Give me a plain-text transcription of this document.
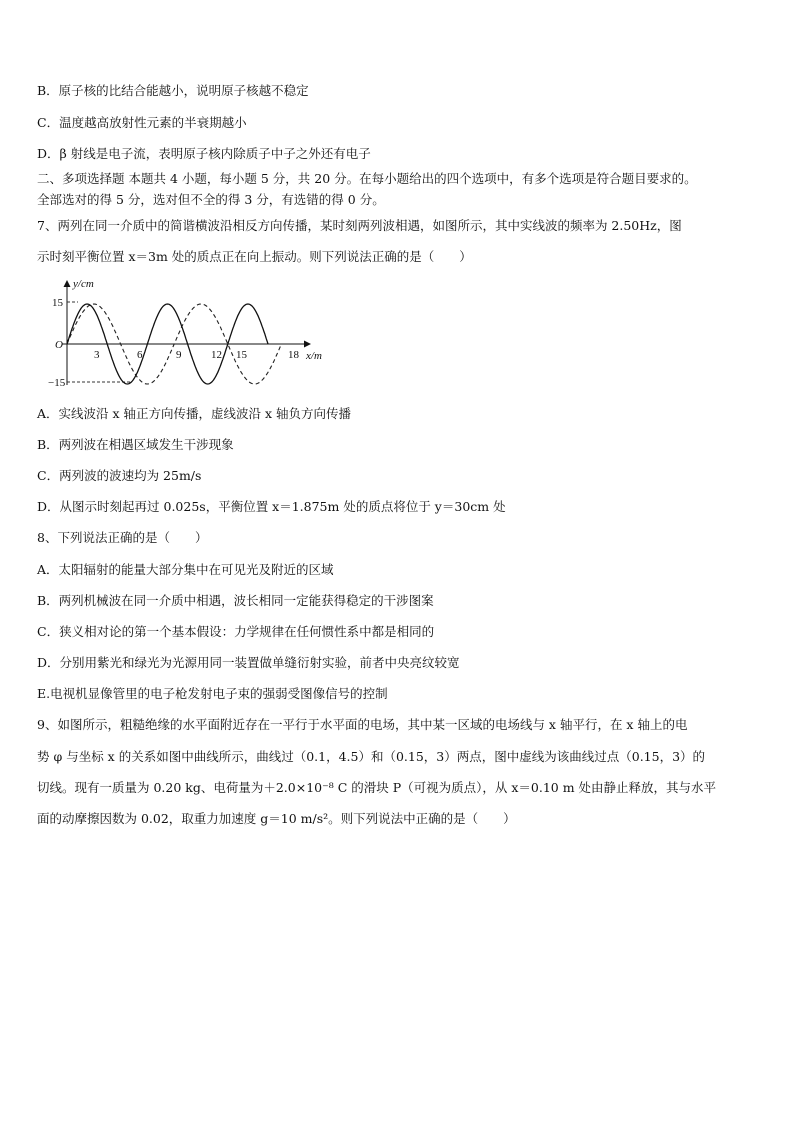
B．原子核的比结合能越小，说明原子核越不稳定
C．温度越高放射性元素的半衰期越小
D．β 射线是电子流，表明原子核内除质子中子之外还有电子
二、多项选择题 本题共 4 小题，每小题 5 分，共 20 分。在每小题给出的四个选项中，有多个选项是符合题目要求的。
全部选对的得 5 分，选对但不全的得 3 分，有选错的得 0 分。
7、两列在同一介质中的简谐横波沿相反方向传播，某时刻两列波相遇，如图所示，其中实线波的频率为 2.50Hz，图
示时刻平衡位置 x＝3m 处的质点正在向上振动。则下列说法正确的是（　　）
y/cm
15
−15
O
3	6	9	12 15	18 x/m
A．实线波沿 x 轴正方向传播，虚线波沿 x 轴负方向传播
B．两列波在相遇区域发生干涉现象
C．两列波的波速均为 25m/s
D．从图示时刻起再过 0.025s，平衡位置 x＝1.875m 处的质点将位于 y＝30cm 处
8、下列说法正确的是（　　）
A．太阳辐射的能量大部分集中在可见光及附近的区域
B．两列机械波在同一介质中相遇，波长相同一定能获得稳定的干涉图案
C．狭义相对论的第一个基本假设：力学规律在任何惯性系中都是相同的
D．分别用紫光和绿光为光源用同一装置做单缝衍射实验，前者中央亮纹较宽
E.电视机显像管里的电子枪发射电子束的强弱受图像信号的控制
9、如图所示，粗糙绝缘的水平面附近存在一平行于水平面的电场，其中某一区域的电场线与 x 轴平行，在 x 轴上的电
势 φ 与坐标 x 的关系如图中曲线所示，曲线过（0.1，4.5）和（0.15，3）两点，图中虚线为该曲线过点（0.15，3）的
切线。现有一质量为 0.20 kg、电荷量为＋2.0×10⁻⁸ C 的滑块 P（可视为质点），从 x＝0.10 m 处由静止释放，其与水平
面的动摩擦因数为 0.02，取重力加速度 g＝10 m/s²。则下列说法中正确的是（　　）
